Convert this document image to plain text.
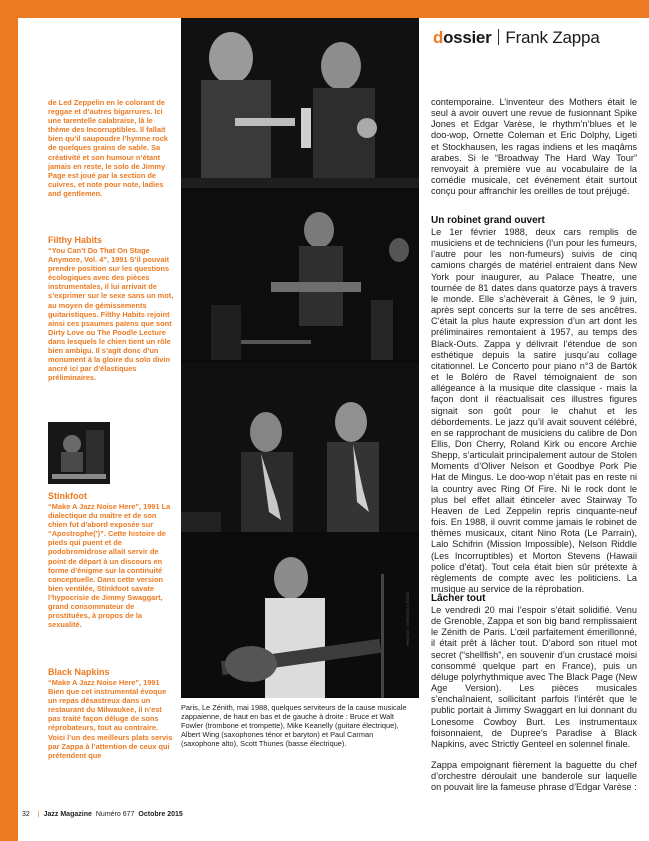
dossier Frank Zappa
de Led Zeppelin en le colorant de reggae et d’autres bigarrures. Ici une tarentelle calabraise, là le thème des Incorruptibles. Il fallait bien qu’il saupoudre l’hymne rock de quelques grains de sable. Sa créativité et son humour n’étant jamais en reste, le solo de Jimmy Page est joué par la section de cuivres, et note pour note, ladies and gentlemen.
Filthy Habits
“You Can’t Do That On Stage Anymore, Vol. 4”, 1991 S’il pouvait prendre position sur les questions écologiques avec des pièces instrumentales, il lui arrivait de s’exprimer sur le sexe sans un mot, au moyen de gémissements guitaristiques. Filthy Habits rejoint ainsi ces psaumes païens que sont Dirty Love ou The Poodle Lecture dans lesquels le chien tient un rôle bien ambigu. Il s’agit donc d’un monument à la gloire du solo divin ancré ici par d’élastiques préliminaires.
Stinkfoot
“Make A Jazz Noise Here”, 1991 La dialectique du maître et de son chien fut d’abord exposée sur “Apostrophe(’)”. Cette histoire de pieds qui puent et de podobromidrose allait servir de point de départ à un discours en forme d’énigme sur la continuité conceptuelle. Dans cette version bien ventilée, Stinkfoot savate l’hypocrisie de Jimmy Swaggart, grand consommateur de prostituées, à propos de la sexualité.
Black Napkins
“Make A Jazz Noise Here”, 1991 Bien que cet instrumental évoque un repas désastreux dans un restaurant du Milwaukee, il n’est pas traité façon déluge de sons réprobateurs, tout au contraire. Voici l’un des meilleurs plats servis par Zappa à l’attention de ceux qui prétendent que
PHOTOS : CHRISTIAN ROSE
Paris, Le Zénith, mai 1988, quelques serviteurs de la cause musicale zappaienne, de haut en bas et de gauche à droite : Bruce et Walt Fowler (trombone et trompette), Mike Keanelly (guitare électrique), Albert Wing (saxophones ténor et baryton) et Paul Carman (saxophone alto), Scott Thunes (basse électrique).
contemporaine. L’inventeur des Mothers était le seul à avoir ouvert une revue de fusionnant Spike Jones et Edgar Varèse, le rhythm’n’blues et le doo-wop, Ornette Coleman et Eric Dolphy, Ligeti et Stockhausen, les ragas indiens et les maqâms arabes. Si le “Broadway The Hard Way Tour” renvoyait à première vue au vocabulaire de la comédie musicale, cet événement était surtout conçu pour affranchir les oreilles de tout préjugé.
Un robinet grand ouvert
Le 1er février 1988, deux cars remplis de musiciens et de techniciens (l’un pour les fumeurs, l’autre pour les non-fumeurs) suivis de cinq camions chargés de matériel entraient dans New York pour inaugurer, au Palace Theatre, une tournée de 81 dates dans quatorze pays à travers le monde. Elle s’achèverait à Gênes, le 9 juin, après sept concerts sur la terre de ses ancêtres. C’était la plus haute expression d’un art dont les préliminaires remontaient à 1957, au temps des Black-Outs. Zappa y délivrait l’étendue de son esthétique depuis la satire jusqu’au collage citationnel. Le Concerto pour piano n°3 de Bartók et le Boléro de Ravel témoignaient de son allégeance à la musique dite classique - mais la façon dont il réactualisait ces illustres figures signait son goût pour le chahut et les débordements. Le jazz qu’il avait souvent célébré, en se rapprochant de musiciens du calibre de Don Ellis, Don Cherry, Roland Kirk ou encore Archie Shepp, s’articulait principalement autour de Stolen Moments d’Oliver Nelson et Goodbye Pork Pie Hat de Mingus. Le doo-wop n’était pas en reste ni la country avec Ring Of Fire. Ni le rock dont le plus bel effet allait étinceler avec Stairway To Heaven de Led Zeppelin repris cinquante-neuf fois. En 1988, il ouvrit comme jamais le robinet de thèmes musicaux, citant Nino Rota (Le Parrain), Lalo Schifrin (Mission Impossible), Nelson Riddle (Les Incorruptibles) et Morton Stevens (Hawaii police d’état). Tout cela était bien sûr prétexte à règlements de compte avec les politiciens. La musique au service de la réprobation.
Lâcher tout
Le vendredi 20 mai l’espoir s’était solidifié. Venu de Grenoble, Zappa et son big band remplissaient le Zénith de Paris. L’œil parfaitement émerillonné, il était prêt à lâcher tout. D’abord son rituel mot secret (“shellfish”, en souvenir d’un crustacé moisi consommé quelque part en France), puis un déluge polyrhythmique avec The Black Page (New Age Version). Les pièces musicales s’enchaînaient, sollicitant parfois l’intérêt que le public portait à Jimmy Swaggart en lui donnant du Lonesome Cowboy Burt. Les instrumentaux foisonnaient, de Dupree’s Paradise à Black Napkins, avec Strictly Genteel en solennel finale.
Zappa empoignant fièrement la baguette du chef d’orchestre déroulait une banderole sur laquelle on pouvait lire la fameuse phrase d’Edgar Varèse :
32 | Jazz Magazine Numéro 677 Octobre 2015
